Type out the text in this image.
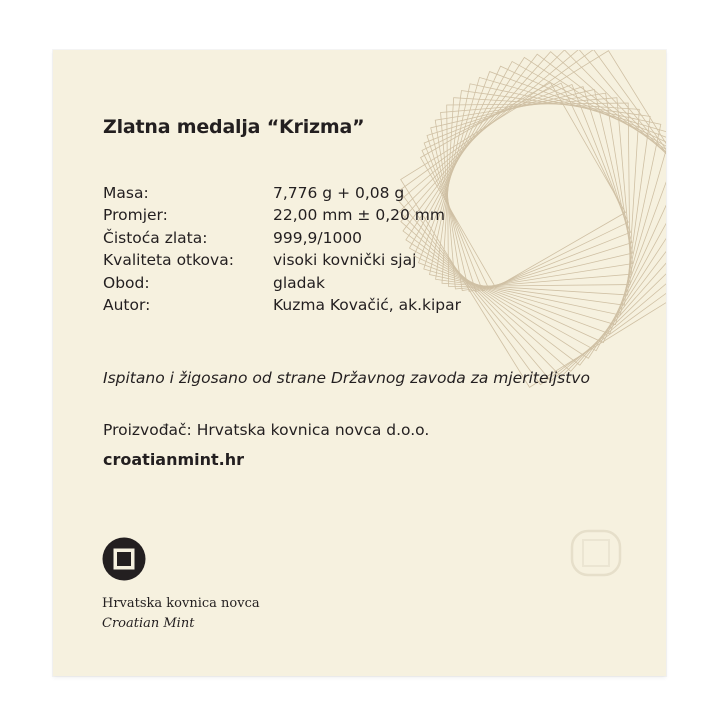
Zlatna medalja “Krizma”
Masa:	7,776 g + 0,08 g
Promjer:	22,00 mm ± 0,20 mm
Čistoća zlata:	999,9/1000
Kvaliteta otkova:	visoki kovnički sjaj
Obod:	gladak
Autor:	Kuzma Kovačić, ak.kipar
Ispitano i žigosano od strane Državnog zavoda za mjeriteljstvo
Proizvođač: Hrvatska kovnica novca d.o.o.
croatianmint.hr
Hrvatska kovnica novca
Croatian Mint
